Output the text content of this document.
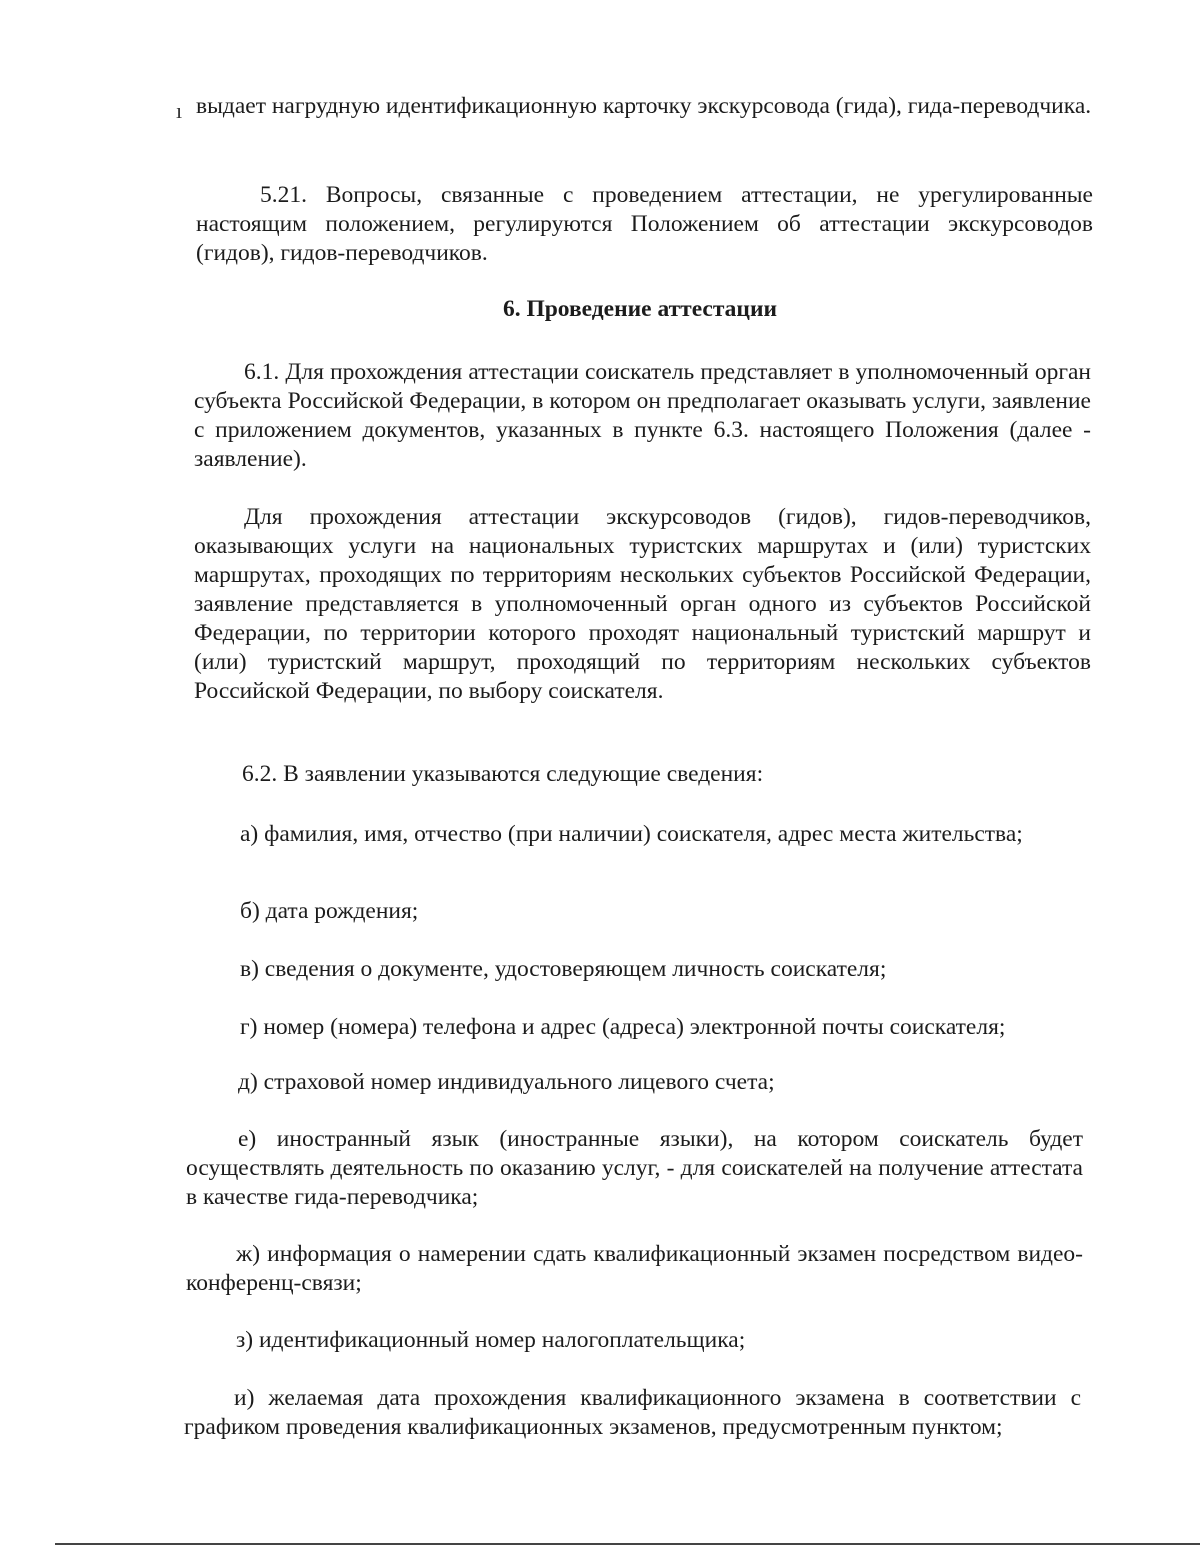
ı выдает нагрудную идентификационную карточку экскурсовода (гида), гида-переводчика.

5.21. Вопросы, связанные с проведением аттестации, не урегулированные настоящим положением, регулируются Положением об аттестации экскурсоводов (гидов), гидов-переводчиков.

6. Проведение аттестации

6.1. Для прохождения аттестации соискатель представляет в уполномоченный орган субъекта Российской Федерации, в котором он предполагает оказывать услуги, заявление с приложением документов, указанных в пункте 6.3. настоящего Положения (далее - заявление).

Для прохождения аттестации экскурсоводов (гидов), гидов-переводчиков, оказывающих услуги на национальных туристских маршрутах и (или) туристских маршрутах, проходящих по территориям нескольких субъектов Российской Федерации, заявление представляется в уполномоченный орган одного из субъектов Российской Федерации, по территории которого проходят национальный туристский маршрут и (или) туристский маршрут, проходящий по территориям нескольких субъектов Российской Федерации, по выбору соискателя.

6.2. В заявлении указываются следующие сведения:

а) фамилия, имя, отчество (при наличии) соискателя, адрес места жительства;

б) дата рождения;

в) сведения о документе, удостоверяющем личность соискателя;

г) номер (номера) телефона и адрес (адреса) электронной почты соискателя;

д) страховой номер индивидуального лицевого счета;

е) иностранный язык (иностранные языки), на котором соискатель будет осуществлять деятельность по оказанию услуг, - для соискателей на получение аттестата в качестве гида-переводчика;

ж) информация о намерении сдать квалификационный экзамен посредством видео-конференц-связи;

з) идентификационный номер налогоплательщика;

и) желаемая дата прохождения квалификационного экзамена в соответствии с графиком проведения квалификационных экзаменов, предусмотренным пунктом;
